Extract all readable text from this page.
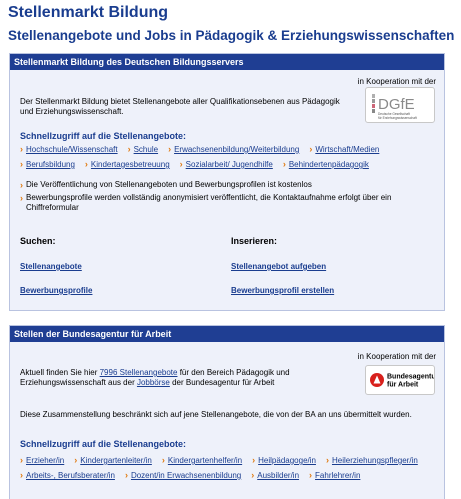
Stellenmarkt Bildung
Stellenangebote und Jobs in Pädagogik & Erziehungswissenschaften
Stellenmarkt Bildung des Deutschen Bildungsservers
in Kooperation mit der
DGfE
Deutsche Gesellschaft
für Erziehungswissenschaft
Der Stellenmarkt Bildung bietet Stellenangebote aller Qualifikationsebenen aus Pädagogik und Erziehungswissenschaft.
Schnellzugriff auf die Stellenangebote:
› Hochschule/Wissenschaft › Schule › Erwachsenenbildung/Weiterbildung › Wirtschaft/Medien› Berufsbildung › Kindertagesbetreuung › Sozialarbeit/ Jugendhilfe › Behindertenpädagogik
› Die Veröffentlichung von Stellenangeboten und Bewerbungsprofilen ist kostenlos
› Bewerbungsprofile werden vollständig anonymisiert veröffentlicht, die Kontaktaufnahme erfolgt über ein Chiffreformular
Suchen:
Stellenangebote
Bewerbungsprofile
Inserieren:
Stellenangebot aufgeben
Bewerbungsprofil erstellen
Stellen der Bundesagentur für Arbeit
in Kooperation mit der
Bundesagentur
für Arbeit
Aktuell finden Sie hier 7996 Stellenangebote für den Bereich Pädagogik und Erziehungswissenschaft aus der Jobbörse der Bundesagentur für Arbeit
Diese Zusammenstellung beschränkt sich auf jene Stellenangebote, die von der BA an uns übermittelt wurden.
Schnellzugriff auf die Stellenangebote:
› Erzieher/in › Kindergartenleiter/in › Kindergartenhelfer/in › Heilpädagoge/in › Heilerziehungspfleger/in› Arbeits-, Berufsberater/in › Dozent/in Erwachsenenbildung › Ausbilder/in › Fahrlehrer/in
